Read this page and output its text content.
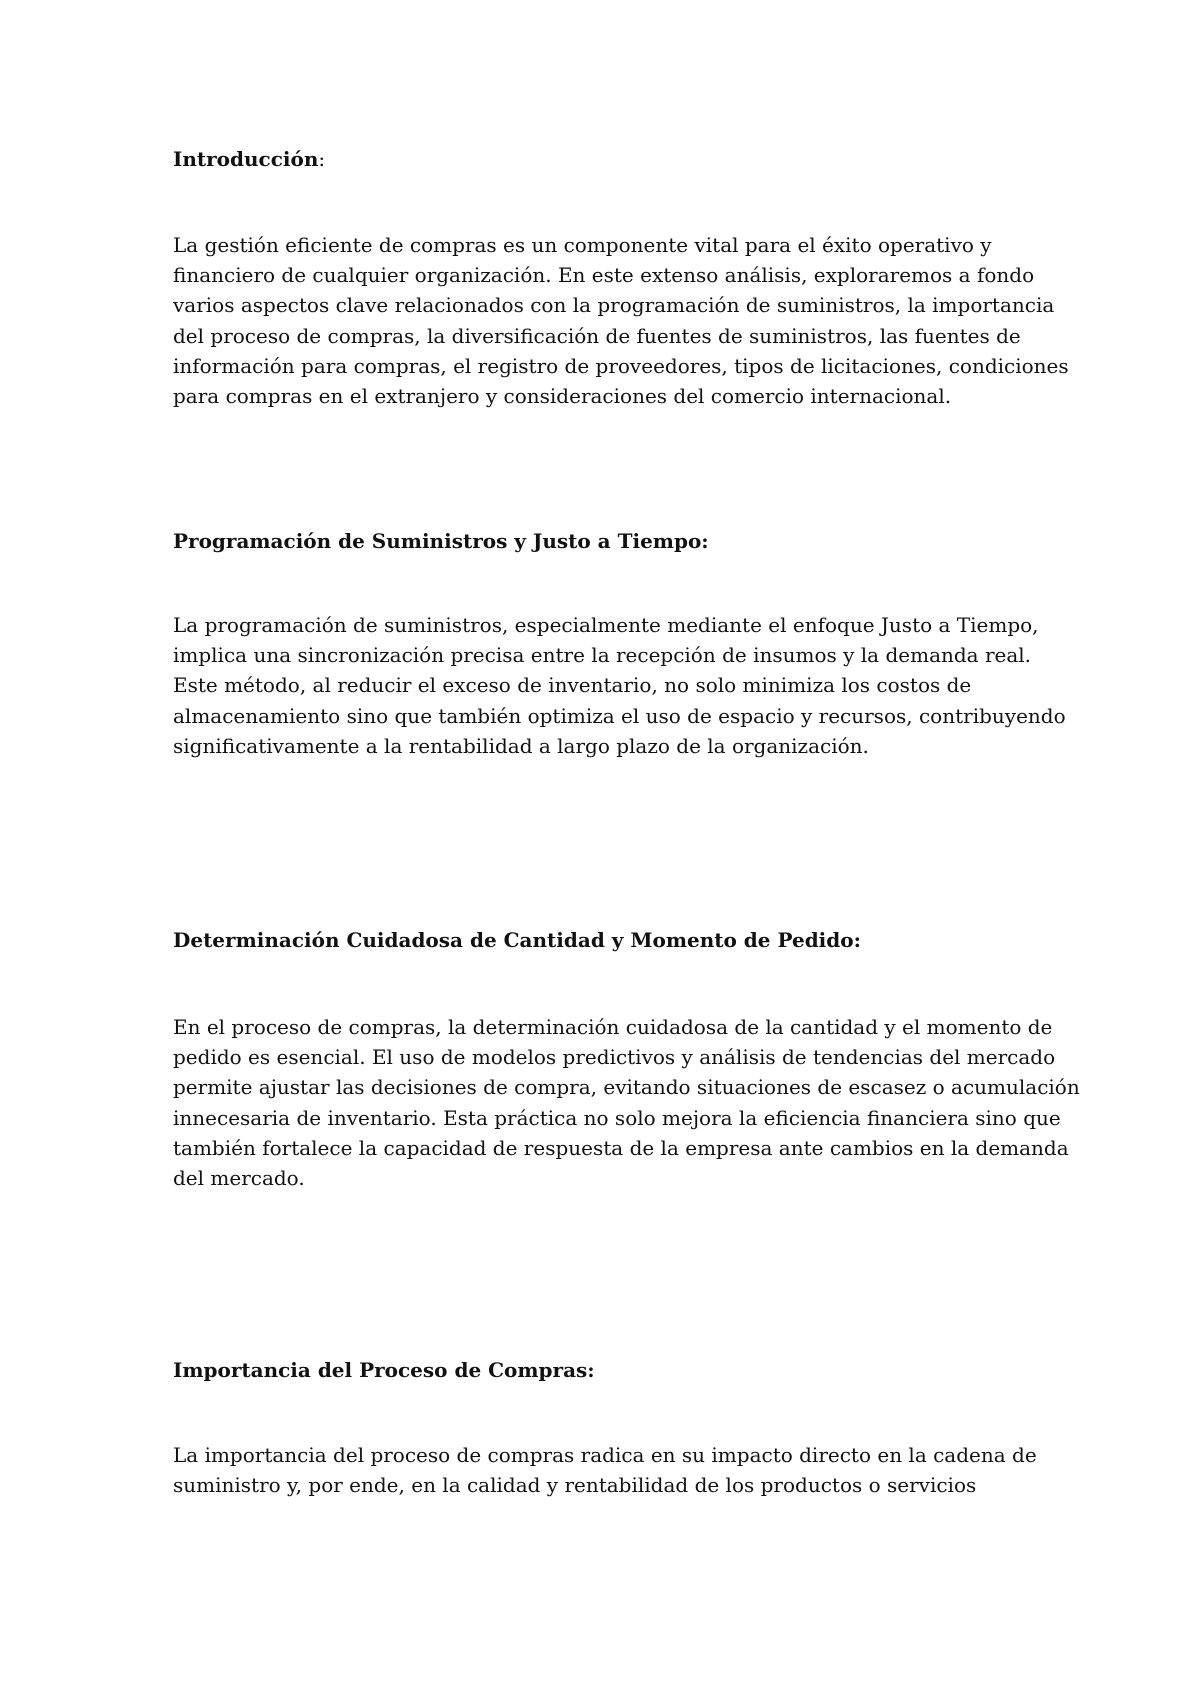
Introducción:

La gestión eficiente de compras es un componente vital para el éxito operativo y
financiero de cualquier organización. En este extenso análisis, exploraremos a fondo
varios aspectos clave relacionados con la programación de suministros, la importancia
del proceso de compras, la diversificación de fuentes de suministros, las fuentes de
información para compras, el registro de proveedores, tipos de licitaciones, condiciones
para compras en el extranjero y consideraciones del comercio internacional.

Programación de Suministros y Justo a Tiempo:

La programación de suministros, especialmente mediante el enfoque Justo a Tiempo,
implica una sincronización precisa entre la recepción de insumos y la demanda real.
Este método, al reducir el exceso de inventario, no solo minimiza los costos de
almacenamiento sino que también optimiza el uso de espacio y recursos, contribuyendo
significativamente a la rentabilidad a largo plazo de la organización.

Determinación Cuidadosa de Cantidad y Momento de Pedido:

En el proceso de compras, la determinación cuidadosa de la cantidad y el momento de
pedido es esencial. El uso de modelos predictivos y análisis de tendencias del mercado
permite ajustar las decisiones de compra, evitando situaciones de escasez o acumulación
innecesaria de inventario. Esta práctica no solo mejora la eficiencia financiera sino que
también fortalece la capacidad de respuesta de la empresa ante cambios en la demanda
del mercado.

Importancia del Proceso de Compras:

La importancia del proceso de compras radica en su impacto directo en la cadena de
suministro y, por ende, en la calidad y rentabilidad de los productos o servicios
